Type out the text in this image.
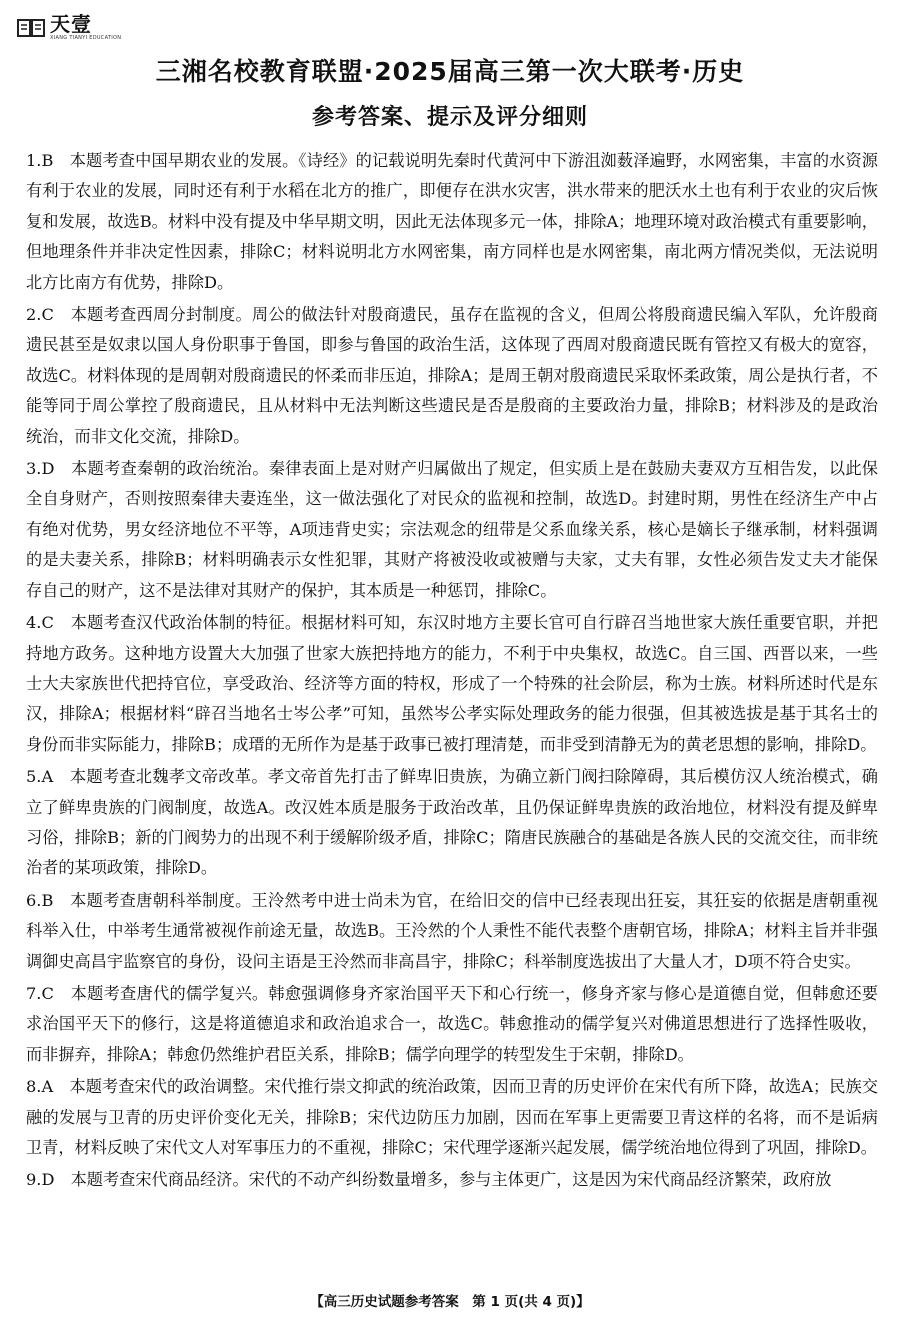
天壹
XIANG TIANYI EDUCATION
三湘名校教育联盟·2025届高三第一次大联考·历史
参考答案、提示及评分细则

1.B　本题考查中国早期农业的发展。《诗经》的记载说明先秦时代黄河中下游沮洳薮泽遍野，水网密集，丰富的水资源有利于农业的发展，同时还有利于水稻在北方的推广，即便存在洪水灾害，洪水带来的肥沃水土也有利于农业的灾后恢复和发展，故选B。材料中没有提及中华早期文明，因此无法体现多元一体，排除A；地理环境对政治模式有重要影响，但地理条件并非决定性因素，排除C；材料说明北方水网密集，南方同样也是水网密集，南北两方情况类似，无法说明北方比南方有优势，排除D。

2.C　本题考查西周分封制度。周公的做法针对殷商遗民，虽存在监视的含义，但周公将殷商遗民编入军队，允许殷商遗民甚至是奴隶以国人身份职事于鲁国，即参与鲁国的政治生活，这体现了西周对殷商遗民既有管控又有极大的宽容，故选C。材料体现的是周朝对殷商遗民的怀柔而非压迫，排除A；是周王朝对殷商遗民采取怀柔政策，周公是执行者，不能等同于周公掌控了殷商遗民，且从材料中无法判断这些遗民是否是殷商的主要政治力量，排除B；材料涉及的是政治统治，而非文化交流，排除D。

3.D　本题考查秦朝的政治统治。秦律表面上是对财产归属做出了规定，但实质上是在鼓励夫妻双方互相告发，以此保全自身财产，否则按照秦律夫妻连坐，这一做法强化了对民众的监视和控制，故选D。封建时期，男性在经济生产中占有绝对优势，男女经济地位不平等，A项违背史实；宗法观念的纽带是父系血缘关系，核心是嫡长子继承制，材料强调的是夫妻关系，排除B；材料明确表示女性犯罪，其财产将被没收或被赠与夫家，丈夫有罪，女性必须告发丈夫才能保存自己的财产，这不是法律对其财产的保护，其本质是一种惩罚，排除C。

4.C　本题考查汉代政治体制的特征。根据材料可知，东汉时地方主要长官可自行辟召当地世家大族任重要官职，并把持地方政务。这种地方设置大大加强了世家大族把持地方的能力，不利于中央集权，故选C。自三国、西晋以来，一些士大夫家族世代把持官位，享受政治、经济等方面的特权，形成了一个特殊的社会阶层，称为士族。材料所述时代是东汉，排除A；根据材料“辟召当地名士岑公孝”可知，虽然岑公孝实际处理政务的能力很强，但其被选拔是基于其名士的身份而非实际能力，排除B；成瑨的无所作为是基于政事已被打理清楚，而非受到清静无为的黄老思想的影响，排除D。

5.A　本题考查北魏孝文帝改革。孝文帝首先打击了鲜卑旧贵族，为确立新门阀扫除障碍，其后模仿汉人统治模式，确立了鲜卑贵族的门阀制度，故选A。改汉姓本质是服务于政治改革，且仍保证鲜卑贵族的政治地位，材料没有提及鲜卑习俗，排除B；新的门阀势力的出现不利于缓解阶级矛盾，排除C；隋唐民族融合的基础是各族人民的交流交往，而非统治者的某项政策，排除D。

6.B　本题考查唐朝科举制度。王泠然考中进士尚未为官，在给旧交的信中已经表现出狂妄，其狂妄的依据是唐朝重视科举入仕，中举考生通常被视作前途无量，故选B。王泠然的个人秉性不能代表整个唐朝官场，排除A；材料主旨并非强调御史高昌宇监察官的身份，设问主语是王泠然而非高昌宇，排除C；科举制度选拔出了大量人才，D项不符合史实。

7.C　本题考查唐代的儒学复兴。韩愈强调修身齐家治国平天下和心行统一，修身齐家与修心是道德自觉，但韩愈还要求治国平天下的修行，这是将道德追求和政治追求合一，故选C。韩愈推动的儒学复兴对佛道思想进行了选择性吸收，而非摒弃，排除A；韩愈仍然维护君臣关系，排除B；儒学向理学的转型发生于宋朝，排除D。

8.A　本题考查宋代的政治调整。宋代推行崇文抑武的统治政策，因而卫青的历史评价在宋代有所下降，故选A；民族交融的发展与卫青的历史评价变化无关，排除B；宋代边防压力加剧，因而在军事上更需要卫青这样的名将，而不是诟病卫青，材料反映了宋代文人对军事压力的不重视，排除C；宋代理学逐渐兴起发展，儒学统治地位得到了巩固，排除D。

9.D　本题考查宋代商品经济。宋代的不动产纠纷数量增多，参与主体更广，这是因为宋代商品经济繁荣，政府放

【高三历史试题参考答案　第 1 页(共 4 页)】
